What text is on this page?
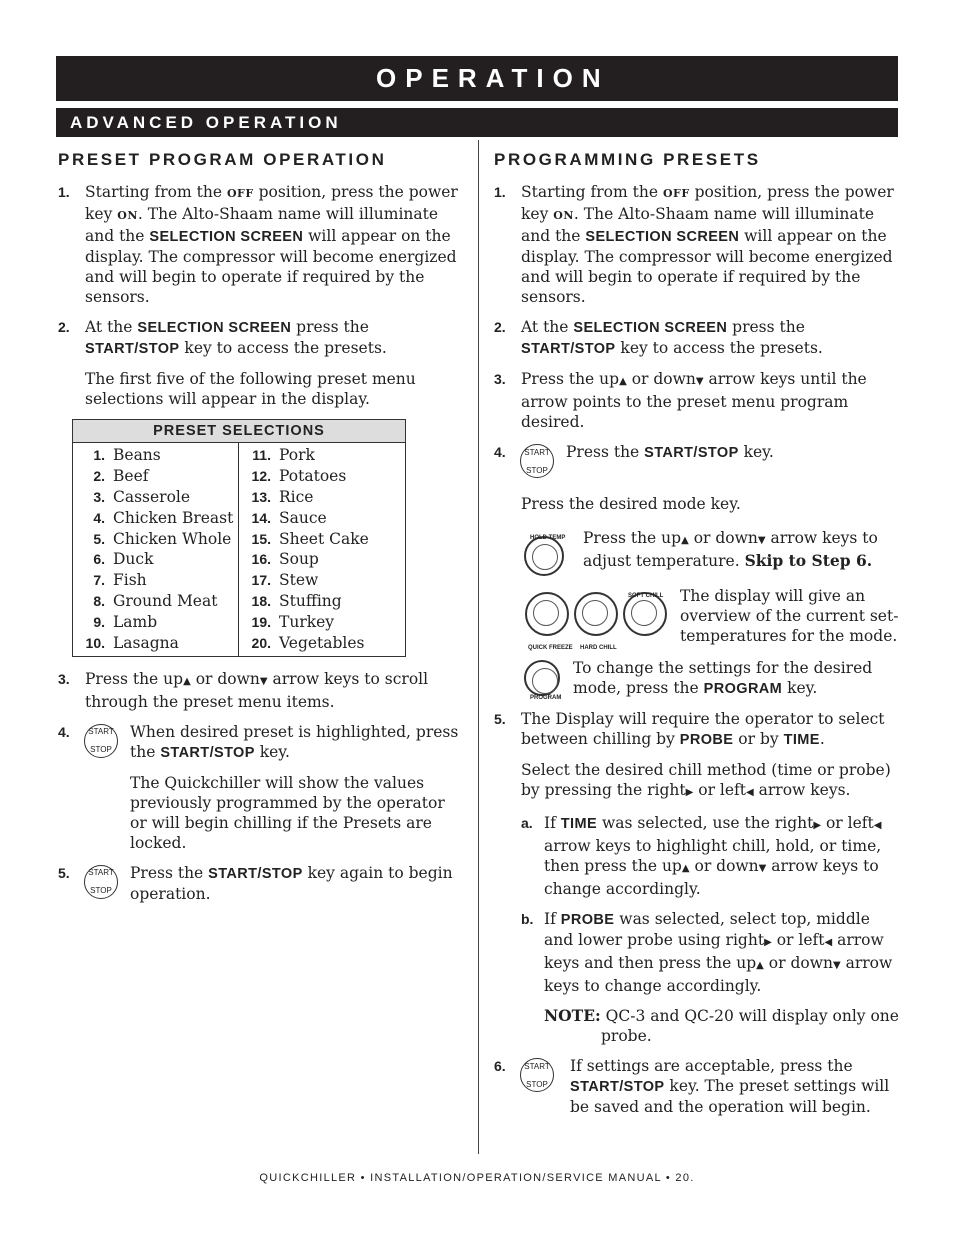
OPERATION
ADVANCED OPERATION
PRESET PROGRAM OPERATION
1. Starting from the OFF position, press the power key ON. The Alto-Shaam name will illuminate and the SELECTION SCREEN will appear on the display. The compressor will become energized and will begin to operate if required by the sensors.
2. At the SELECTION SCREEN press the START/STOP key to access the presets.
The first five of the following preset menu selections will appear in the display.
PRESET SELECTIONS
1. Beans
2. Beef
3. Casserole
4. Chicken Breast
5. Chicken Whole
6. Duck
7. Fish
8. Ground Meat
9. Lamb
10. Lasagna
11. Pork
12. Potatoes
13. Rice
14. Sauce
15. Sheet Cake
16. Soup
17. Stew
18. Stuffing
19. Turkey
20. Vegetables
3. Press the up▲ or down▼ arrow keys to scroll through the preset menu items.
4. START

STOP
When desired preset is highlighted, press the START/STOP key.
The Quickchiller will show the values previously programmed by the operator or will begin chilling if the Presets are locked.
5. START

STOP
Press the START/STOP key again to begin operation.
PROGRAMMING PRESETS
1. Starting from the OFF position, press the power key ON. The Alto-Shaam name will illuminate and the SELECTION SCREEN will appear on the display. The compressor will become energized and will begin to operate if required by the sensors.
2. At the SELECTION SCREEN press the START/STOP key to access the presets.
3. Press the up▲ or down▼ arrow keys until the arrow points to the preset menu program desired.
4. START

STOP
Press the START/STOP key.
Press the desired mode key.
HOLD TEMP Press the up▲ or down▼ arrow keys to adjust temperature. Skip to Step 6.
QUICK FREEZE HARD CHILL
SOFT CHILL The display will give an overview of the current set-temperatures for the mode.
PROGRAM
To change the settings for the desired mode, press the PROGRAM key.
5. The Display will require the operator to select between chilling by PROBE or by TIME.
Select the desired chill method (time or probe) by pressing the right▶ or left◀ arrow keys.
a. If TIME was selected, use the right▶ or left◀ arrow keys to highlight chill, hold, or time, then press the up▲ or down▼ arrow keys to change accordingly.
b. If PROBE was selected, select top, middle and lower probe using right▶ or left◀ arrow keys and then press the up▲ or down▼ arrow keys to change accordingly.
NOTE: QC-3 and QC-20 will display only one probe.
6. START

STOP
If settings are acceptable, press the START/STOP key. The preset settings will be saved and the operation will begin.
QUICKCHILLER • INSTALLATION/OPERATION/SERVICE MANUAL • 20.
